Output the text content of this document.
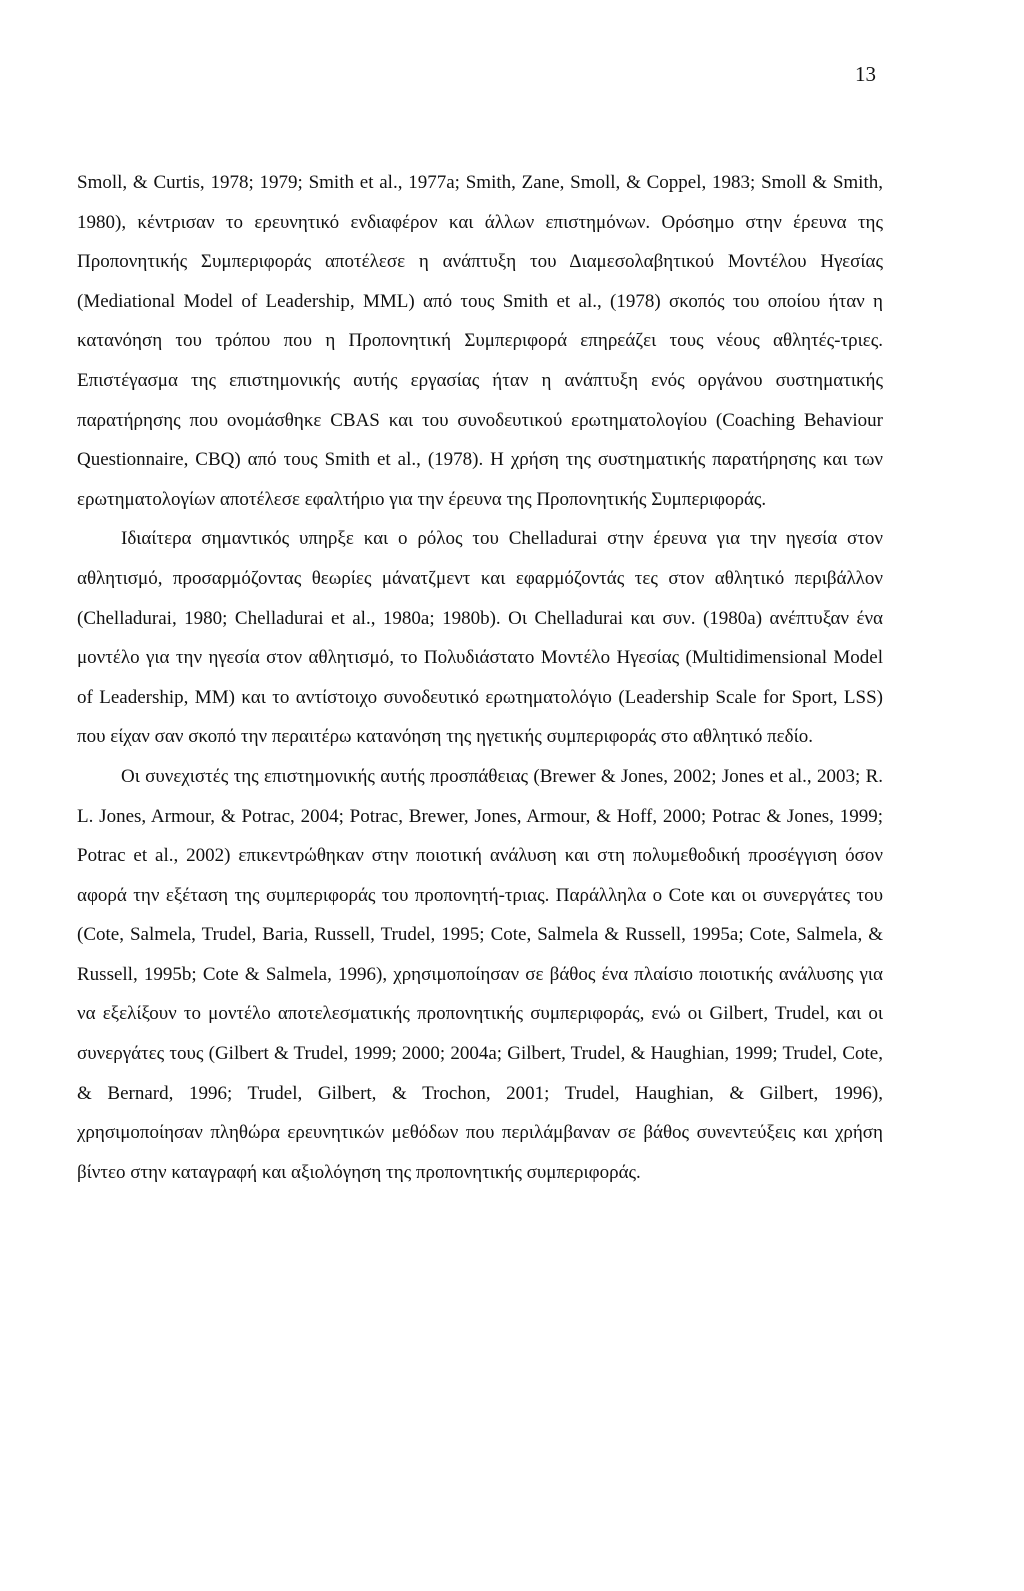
13

Smoll, & Curtis, 1978; 1979; Smith et al., 1977a; Smith, Zane, Smoll, & Coppel, 1983; Smoll & Smith, 1980), κέντρισαν το ερευνητικό ενδιαφέρον και άλλων επιστημόνων. Ορόσημο στην έρευνα της Προπονητικής Συμπεριφοράς αποτέλεσε η ανάπτυξη του Διαμεσολαβητικού Μοντέλου Ηγεσίας (Mediational Model of Leadership, MML) από τους Smith et al., (1978) σκοπός του οποίου ήταν η κατανόηση του τρόπου που η Προπονητική Συμπεριφορά επηρεάζει τους νέους αθλητές-τριες. Επιστέγασμα της επιστημονικής αυτής εργασίας ήταν η ανάπτυξη ενός οργάνου συστηματικής παρατήρησης που ονομάσθηκε CBAS και του συνοδευτικού ερωτηματολογίου (Coaching Behaviour Questionnaire, CBQ) από τους Smith et al., (1978). Η χρήση της συστηματικής παρατήρησης και των ερωτηματολογίων αποτέλεσε εφαλτήριο για την έρευνα της Προπονητικής Συμπεριφοράς.

Ιδιαίτερα σημαντικός υπηρξε και ο ρόλος του Chelladurai στην έρευνα για την ηγεσία στον αθλητισμό, προσαρμόζοντας θεωρίες μάνατζμεντ και εφαρμόζοντάς τες στον αθλητικό περιβάλλον (Chelladurai, 1980; Chelladurai et al., 1980a; 1980b). Οι Chelladurai και συν. (1980a) ανέπτυξαν ένα μοντέλο για την ηγεσία στον αθλητισμό, το Πολυδιάστατο Μοντέλο Ηγεσίας (Multidimensional Model of Leadership, MM) και το αντίστοιχο συνοδευτικό ερωτηματολόγιο (Leadership Scale for Sport, LSS) που είχαν σαν σκοπό την περαιτέρω κατανόηση της ηγετικής συμπεριφοράς στο αθλητικό πεδίο.

Οι συνεχιστές της επιστημονικής αυτής προσπάθειας (Brewer & Jones, 2002; Jones et al., 2003; R. L. Jones, Armour, & Potrac, 2004; Potrac, Brewer, Jones, Armour, & Hoff, 2000; Potrac & Jones, 1999; Potrac et al., 2002) επικεντρώθηκαν στην ποιοτική ανάλυση και στη πολυμεθοδική προσέγγιση όσον αφορά την εξέταση της συμπεριφοράς του προπονητή-τριας. Παράλληλα ο Cote και οι συνεργάτες του (Cote, Salmela, Trudel, Baria, Russell, Trudel, 1995; Cote, Salmela & Russell, 1995a; Cote, Salmela, & Russell, 1995b; Cote & Salmela, 1996), χρησιμοποίησαν σε βάθος ένα πλαίσιο ποιοτικής ανάλυσης για να εξελίξουν το μοντέλο αποτελεσματικής προπονητικής συμπεριφοράς, ενώ οι Gilbert, Trudel, και οι συνεργάτες τους (Gilbert & Trudel, 1999; 2000; 2004a; Gilbert, Trudel, & Haughian, 1999; Trudel, Cote, & Bernard, 1996; Trudel, Gilbert, & Trochon, 2001; Trudel, Haughian, & Gilbert, 1996), χρησιμοποίησαν πληθώρα ερευνητικών μεθόδων που περιλάμβαναν σε βάθος συνεντεύξεις και χρήση βίντεο στην καταγραφή και αξιολόγηση της προπονητικής συμπεριφοράς.
